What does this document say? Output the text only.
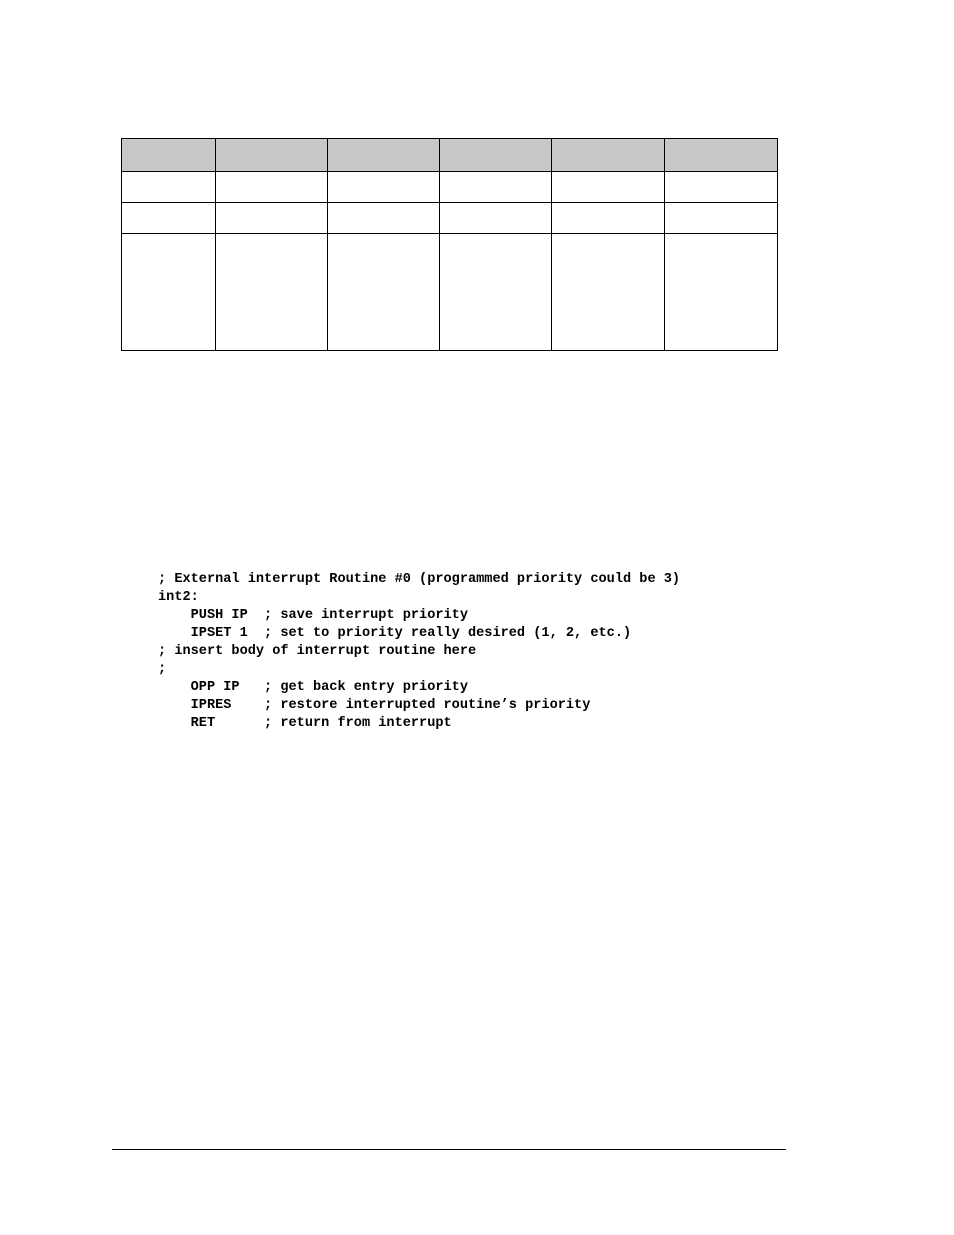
; External interrupt Routine #0 (programmed priority could be 3)
int2:
PUSH IP  ; save interrupt priority
IPSET 1  ; set to priority really desired (1, 2, etc.)
; insert body of interrupt routine here
;
OPP IP   ; get back entry priority
IPRES    ; restore interrupted routine’s priority
RET      ; return from interrupt
